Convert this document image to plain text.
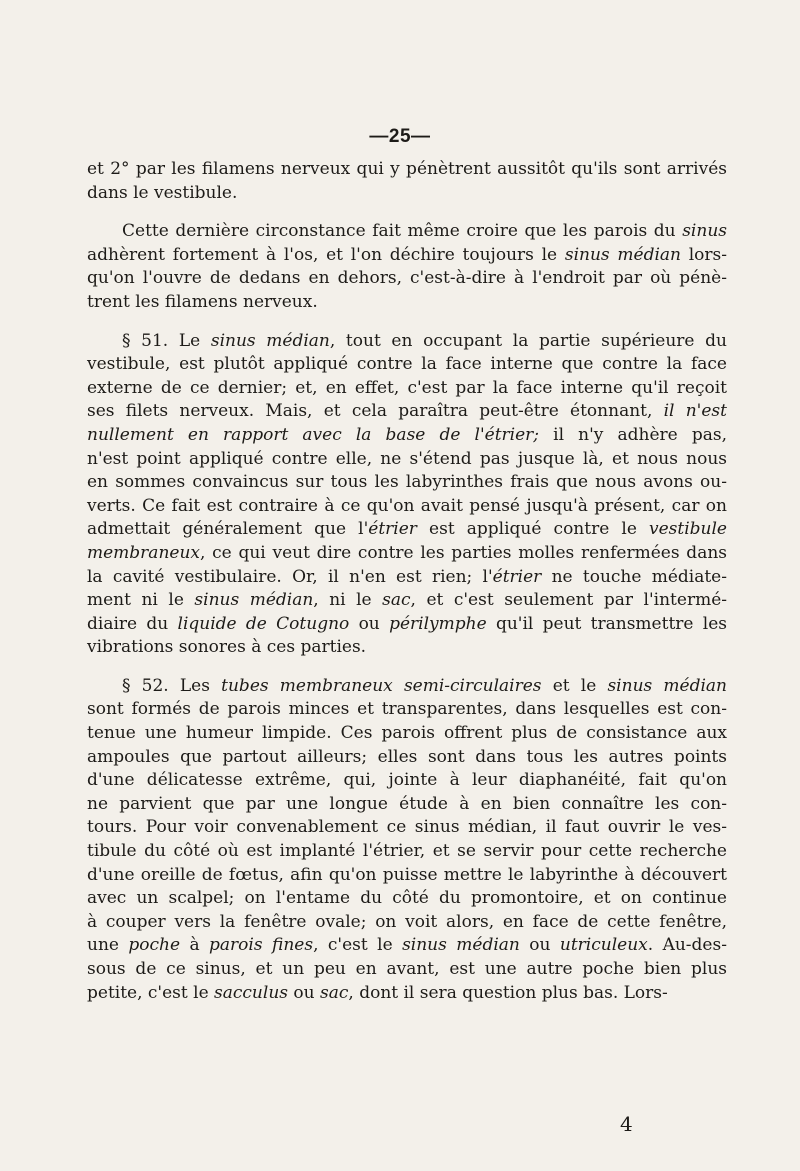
—25—
et 2° par les filamens nerveux qui y pénètrent aussitôt qu'ils sont arrivés
dans le vestibule.
Cette dernière circonstance fait même croire que les parois du sinus
adhèrent fortement à l'os, et l'on déchire toujours le sinus médian lors-
qu'on l'ouvre de dedans en dehors, c'est-à-dire à l'endroit par où pénè-
trent les filamens nerveux.
§ 51. Le sinus médian, tout en occupant la partie supérieure du
vestibule, est plutôt appliqué contre la face interne que contre la face
externe de ce dernier; et, en effet, c'est par la face interne qu'il reçoit
ses filets nerveux. Mais, et cela paraîtra peut-être étonnant, il n'est
nullement en rapport avec la base de l'étrier; il n'y adhère pas,
n'est point appliqué contre elle, ne s'étend pas jusque là, et nous nous
en sommes convaincus sur tous les labyrinthes frais que nous avons ou-
verts. Ce fait est contraire à ce qu'on avait pensé jusqu'à présent, car on
admettait généralement que l'étrier est appliqué contre le vestibule
membraneux, ce qui veut dire contre les parties molles renfermées dans
la cavité vestibulaire. Or, il n'en est rien; l'étrier ne touche médiate-
ment ni le sinus médian, ni le sac, et c'est seulement par l'intermé-
diaire du liquide de Cotugno ou périlymphe qu'il peut transmettre les
vibrations sonores à ces parties.
§ 52. Les tubes membraneux semi-circulaires et le sinus médian
sont formés de parois minces et transparentes, dans lesquelles est con-
tenue une humeur limpide. Ces parois offrent plus de consistance aux
ampoules que partout ailleurs; elles sont dans tous les autres points
d'une délicatesse extrême, qui, jointe à leur diaphanéité, fait qu'on
ne parvient que par une longue étude à en bien connaître les con-
tours. Pour voir convenablement ce sinus médian, il faut ouvrir le ves-
tibule du côté où est implanté l'étrier, et se servir pour cette recherche
d'une oreille de fœtus, afin qu'on puisse mettre le labyrinthe à découvert
avec un scalpel; on l'entame du côté du promontoire, et on continue
à couper vers la fenêtre ovale; on voit alors, en face de cette fenêtre,
une poche à parois fines, c'est le sinus médian ou utriculeux. Au-des-
sous de ce sinus, et un peu en avant, est une autre poche bien plus
petite, c'est le sacculus ou sac, dont il sera question plus bas. Lors-
4
